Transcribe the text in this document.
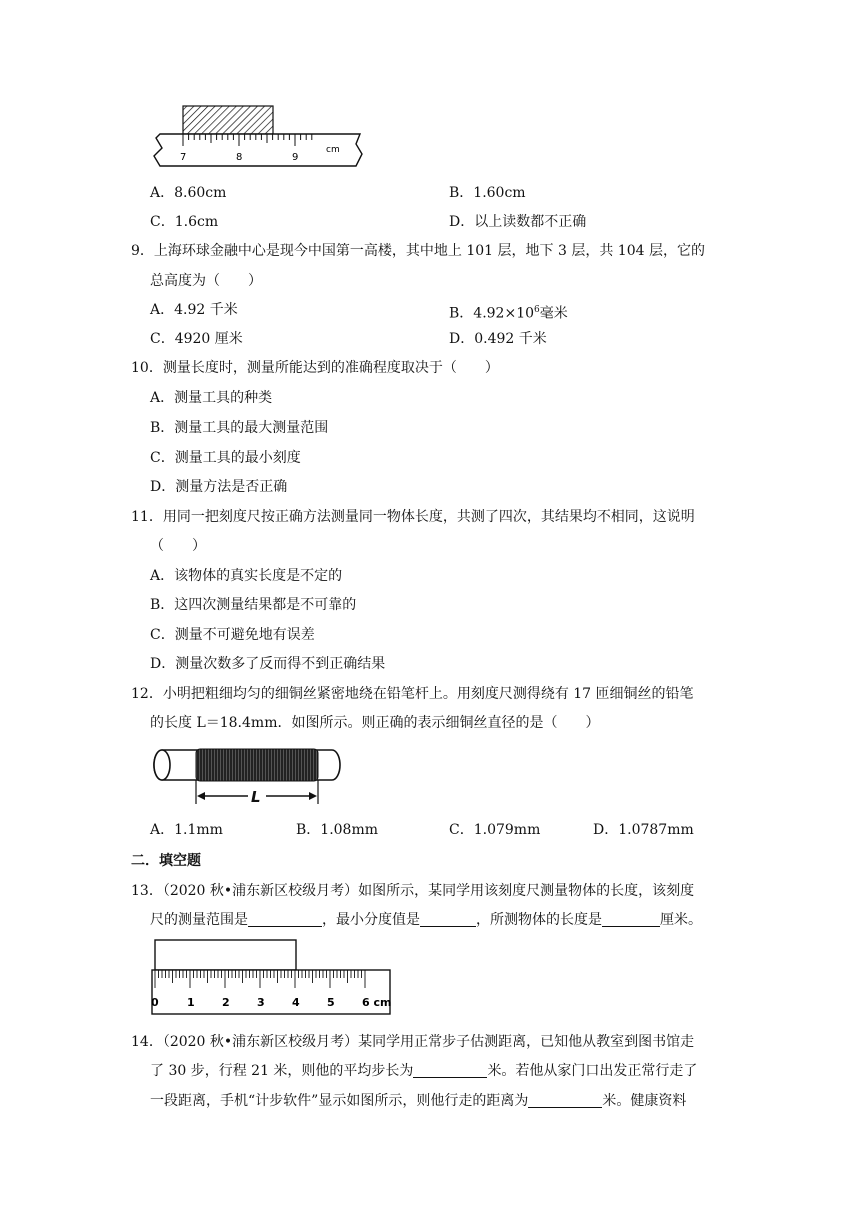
7	8	9
cm
A．8.60cm	B．1.60cm
C．1.6cm	D．以上读数都不正确
9．上海环球金融中心是现今中国第一高楼，其中地上 101 层，地下 3 层，共 104 层，它的
总高度为（　　）
A．4.92 千米	B．$4.92\times 10^6$毫米
C．4920 厘米	D．0.492 千米
10．测量长度时，测量所能达到的准确程度取决于（　　）
A．测量工具的种类
B．测量工具的最大测量范围
C．测量工具的最小刻度
D．测量方法是否正确
11．用同一把刻度尺按正确方法测量同一物体长度，共测了四次，其结果均不相同，这说明
（　　）
A．该物体的真实长度是不定的
B．这四次测量结果都是不可靠的
C．测量不可避免地有误差
D．测量次数多了反而得不到正确结果
12．小明把粗细均匀的细铜丝紧密地绕在铅笔杆上。用刻度尺测得绕有 17 匝细铜丝的铅笔
的长度 L＝18.4mm．如图所示。则正确的表示细铜丝直径的是（　　）
L
A．1.1mm	B．1.08mm	C．1.079mm	D．1.0787mm
二．填空题
13．（2020 秋•浦东新区校级月考）如图所示，某同学用该刻度尺测量物体的长度，该刻度
尺的测量范围是	，最小分度值是	，所测物体的长度是	厘米。
0	1 2 3 4 5 6 cm
14．（2020 秋•浦东新区校级月考）某同学用正常步子估测距离，已知他从教室到图书馆走
了 30 步，行程 21 米，则他的平均步长为	米。若他从家门口出发正常行走了
一段距离，手机“计步软件”显示如图所示，则他行走的距离为	米。健康资料
